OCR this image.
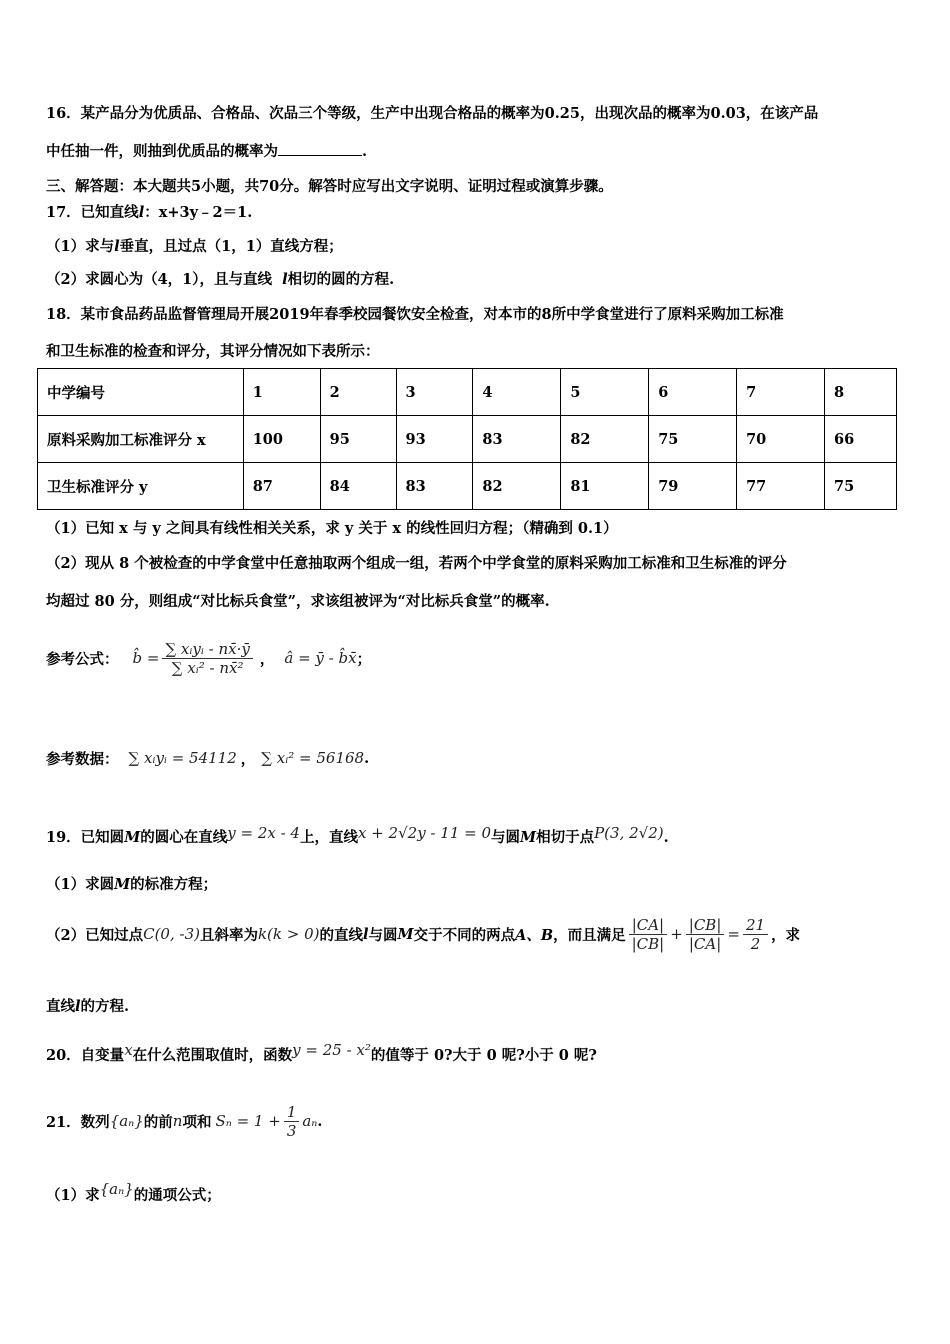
16．某产品分为优质品、合格品、次品三个等级，生产中出现合格品的概率为0.25，出现次品的概率为0.03，在该产品
中任抽一件，则抽到优质品的概率为	.
三、解答题：本大题共5小题，共70分。解答时应写出文字说明、证明过程或演算步骤。
17．已知直线l：x+3y﹣2＝1.
（1）求与l垂直，且过点（1，1）直线方程；
（2）求圆心为（4，1），且与直线 l相切的圆的方程.
18．某市食品药品监督管理局开展2019年春季校园餐饮安全检查，对本市的8所中学食堂进行了原料采购加工标准
和卫生标准的检查和评分，其评分情况如下表所示：
中学编号	1	2	3	4	5	6	7	8
原料采购加工标准评分 x	100	95	93	83	82	75	70	66
卫生标准评分 y	87	84	83	82	81	79	77	75
（1）已知 x 与 y 之间具有线性相关关系，求 y 关于 x 的线性回归方程；（精确到 0.1）
（2）现从 8 个被检查的中学食堂中任意抽取两个组成一组，若两个中学食堂的原料采购加工标准和卫生标准的评分
均超过 80 分，则组成“对比标兵食堂”，求该组被评为“对比标兵食堂”的概率.
参考公式： b̂ = $\frac{\text{∑ xᵢyᵢ - nx̄·ȳ}}{\text{∑ xᵢ² - nx̄²}}$ ， â = ȳ - b̂x̄ ；
参考数据： ∑ xᵢyᵢ = 54112 ， ∑ xᵢ² = 56168 .
19．已知圆M的圆心在直线y = 2x - 4上，直线x + 2√2y - 11 = 0与圆M相切于点P(3, 2√2).
（1）求圆M的标准方程；
（2）已知过点 C(0, -3) 且斜率为 k(k > 0) 的直线 l 与圆 M 交于不同的两点 A、B ，而且满足 $\frac{|CA|}{|CB|} + \frac{|CB|}{|CA|} = \frac{21}{2}$ ，求
直线l的方程.
20．自变量x在什么范围取值时，函数y = 25 - x²的值等于 0?大于 0 呢?小于 0 呢?
21．数列 {aₙ} 的前 n 项和 $S_n = 1 + \frac{1}{3}$ aₙ .
（1）求{aₙ}的通项公式；
